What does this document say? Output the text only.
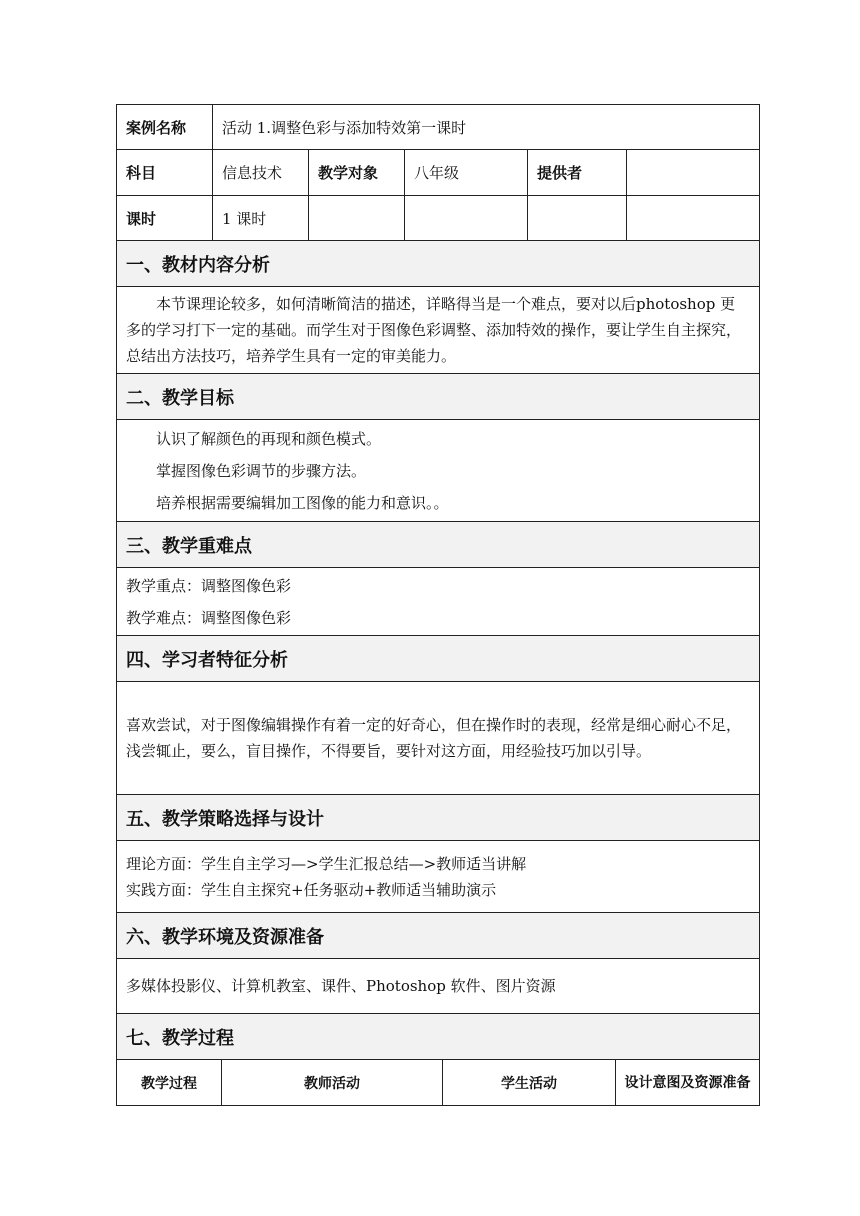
案例名称	活动 1.调整色彩与添加特效第一课时				
科目	信息技术	教学对象	八年级	提供者	
课时	1 课时				
一、教材内容分析					

本节课理论较多，如何清晰简洁的描述，详略得当是一个难点，要对以后photoshop 更多的学习打下一定的基础。而学生对于图像色彩调整、添加特效的操作，要让学生自主探究，总结出方法技巧，培养学生具有一定的审美能力。					

二、教学目标					

认识了解颜色的再现和颜色模式。

掌握图像色彩调节的步骤方法。

培养根据需要编辑加工图像的能力和意识。。					

三、教学重难点					

教学重点：调整图像色彩

教学难点：调整图像色彩					

四、学习者特征分析					

喜欢尝试，对于图像编辑操作有着一定的好奇心，但在操作时的表现，经常是细心耐心不足，浅尝辄止，要么，盲目操作，不得要旨，要针对这方面，用经验技巧加以引导。					

五、教学策略选择与设计					

理论方面：学生自主学习—>学生汇报总结—>教师适当讲解

实践方面：学生自主探究+任务驱动+教师适当辅助演示					

六、教学环境及资源准备					

多媒体投影仪、计算机教室、课件、Photoshop 软件、图片资源					

七、教学过程					
教学过程	教师活动	学生活动	设计意图及资源准备
